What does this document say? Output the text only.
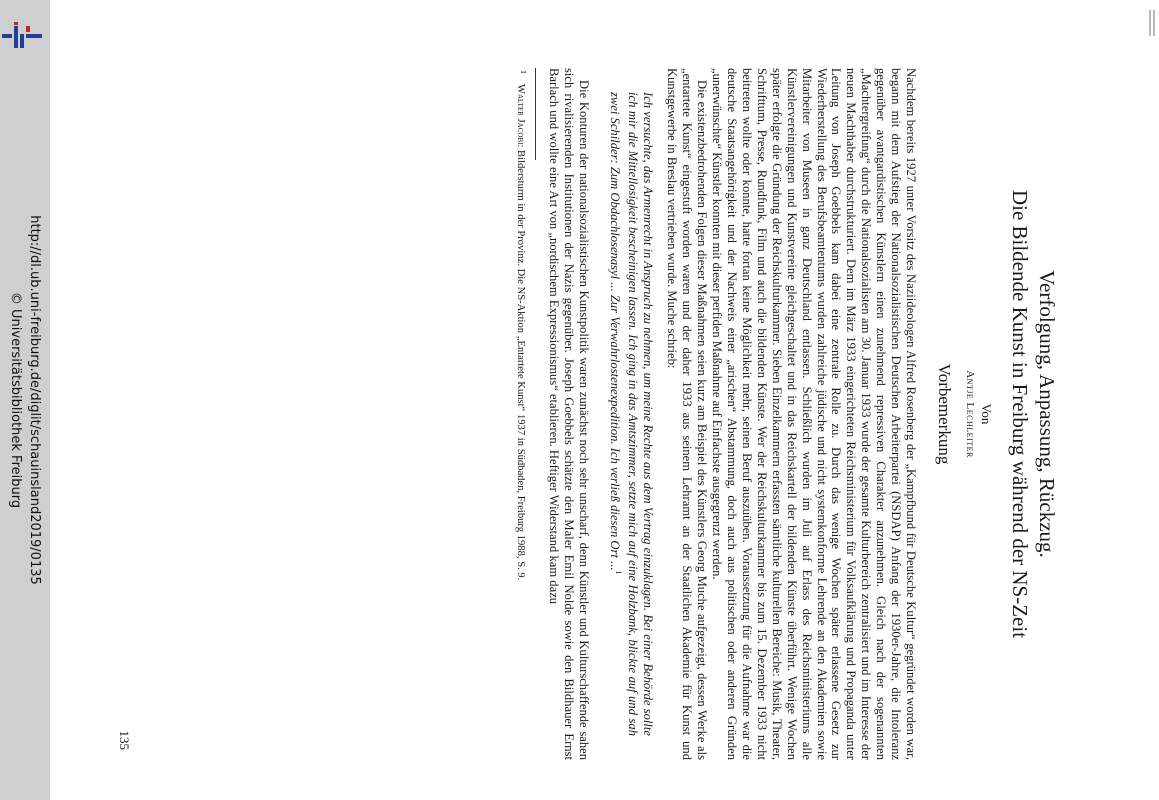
http://dl.ub.uni-freiburg.de/diglit/schauinsland2019/0135
© Universitätsbibliothek Freiburg	Verfolgung, Anpassung, Rückzug.
Die Bildende Kunst in Freiburg während der NS-Zeit

Von

Antje Lechleiter

Vorbemerkung

Nachdem bereits 1927 unter Vorsitz des Naziideologen Alfred Rosenberg der „Kampfbund für Deutsche Kultur“ gegründet worden war, begann mit dem Aufstieg der Nationalsozialistischen Deutschen Arbeiterpartei (NSDAP) Anfang der 1930er-Jahre, die Intoleranz gegenüber avantgardistischen Künstlern einen zunehmend repressiven Charakter anzunehmen. Gleich nach der sogenannten „Machtergreifung“ durch die Nationalsozialisten am 30. Januar 1933 wurde der gesamte Kulturbereich zentralisiert und im Interesse der neuen Machthaber durchstrukturiert. Dem im März 1933 eingerichteten Reichsministerium für Volksaufklärung und Propaganda unter Leitung von Joseph Goebbels kam dabei eine zentrale Rolle zu. Durch das wenige Wochen später erlassene Gesetz zur Wiederherstellung des Berufsbeamtentums wurden zahlreiche jüdische und nicht systemkonforme Lehrende an den Akademien sowie Mitarbeiter von Museen in ganz Deutschland entlassen. Schließlich wurden im Juli auf Erlass des Reichsministeriums alle Künstlervereinigungen und Kunstvereine gleichgeschaltet und in das Reichskartell der bildenden Künste überführt. Wenige Wochen später erfolgte die Gründung der Reichskulturkammer. Sieben Einzelkammern erfassten sämtliche kulturellen Bereiche: Musik, Theater, Schrifttum, Presse, Rundfunk, Film und auch die bildenden Künste. Wer der Reichskulturkammer bis zum 15. Dezember 1933 nicht beitreten wollte oder konnte, hatte fortan keine Möglichkeit mehr, seinen Beruf auszuüben. Voraussetzung für die Aufnahme war die deutsche Staatsangehörigkeit und der Nachweis einer „arischen“ Abstammung, doch auch aus politischen oder anderen Gründen „unerwünschte“ Künstler konnten mit dieser perfiden Maßnahme auf Einfachste ausgegrenzt werden.

Die existenzbedrohenden Folgen dieser Maßnahmen seien kurz am Beispiel des Künstlers Georg Muche aufgezeigt, dessen Werke als „entartete Kunst“ eingestuft worden waren und der daher 1933 aus seinem Lehramt an der Staatlichen Akademie für Kunst und Kunstgewerbe in Breslau vertrieben wurde. Muche schrieb:

Ich versuchte, das Armenrecht in Anspruch zu nehmen, um meine Rechte aus dem Vertrag einzuklagen. Bei einer Behörde sollte ich mir die Mittellosigkeit bescheinigen lassen. Ich ging in das Amtszimmer, setzte mich auf eine Holzbank, blickte auf und sah zwei Schilder: Zum Obdachlosenasyl ... Zur Verwahrlostenexpedition. Ich verließ diesen Ort ...$^1$

Die Konturen der nationalsozialistischen Kunstpolitik waren zunächst noch sehr unscharf, denn Künstler und Kulturschaffende sahen sich rivalisierenden Institutionen der Nazis gegenüber. Joseph Goebbels schätzte den Maler Emil Nolde sowie den Bildhauer Ernst Barlach und wollte eine Art von „nordischem Expressionismus“ etablieren. Heftiger Widerstand kam dazu

1
Walter Jacobi: Bildersturm in der Provinz. Die NS-Aktion „Entartete Kunst“ 1937 in Südbaden, Freiburg 1988, S. 9.
135
